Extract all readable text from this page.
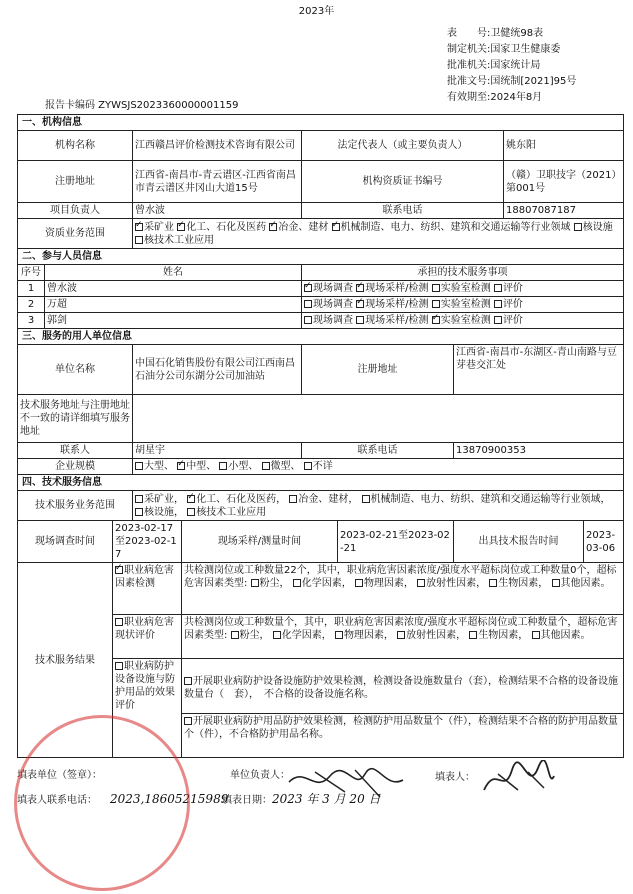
2023年
表　　号:卫健统98表
制定机关:国家卫生健康委
批准机关:国家统计局
批准文号:国统制[2021]95号
有效期至:2024年8月
报告卡编码 ZYWSJS2023360000001159
一、机构信息									
机构名称			江西赣昌评价检测技术咨询有限公司		法定代表人（或主要负责人）			姚东阳	
注册地址			江西省-南昌市-青云谱区-江西省南昌市青云谱区井冈山大道15号		机构资质证书编号			（赣）卫职技字（2021）第001号	
项目负责人			曾水波		联系电话			18807087187	
资质业务范围	✓采矿业 ✓ 化工、石化及医药 ✓ 冶金、建材 ✓ 机械制造、电力、纺织、建筑和交通运输等行业领域 核设施 核技术工业应用
二、参与人员信息									
序号	姓名				承担的技术服务事项				
1	曾水波	✓现场调查 ✓ 现场采样/检测 实验室检测 评价
2	万超				现场调查 ✓ 现场采样/检测 实验室检测 评价
3	郭剑				现场调查 现场采样/检测 ✓ 实验室检测 评价
三、服务的用人单位信息									
单位名称			中国石化销售股份有限公司江西南昌石油分公司东湖分公司加油站		注册地址		江西省-南昌市-东湖区-青山南路与豆芽巷交汇处		
技术服务地址与注册地址不一致的请详细填写服务地址									
联系人			胡星宇		联系电话		13870900353		
企业规模			大型、 ✓ 中型、 小型、 微型、 不详
四、技术服务信息									
技术服务业务范围			采矿业， ✓ 化工、石化及医药， 冶金、建材， 机械制造、电力、纺织、建筑和交通运输等行业领域， 核设施， 核技术工业应用
现场调查时间		2023-02-17至2023-02-17		现场采样/测量时间		2023-02-21至2023-02-21	出具技术报告时间		2023-03-06
技术服务结果	✓职业病危害因素检测		共检测岗位或工种数量22个，其中，职业病危害因素浓度/强度水平超标岗位或工种数量0个，超标危害因素类型: 粉尘， 化学因素， 物理因素， 放射性因素， 生物因素， 其他因素。					
		职业病危害现状评价		共检测岗位或工种数量个，其中，职业病危害因素浓度/强度水平超标岗位或工种数量个，超标危害因素类型: 粉尘， 化学因素， 物理因素， 放射性因素， 生物因素， 其他因素。					
		职业病防护设备设施与防护用品的效果评价							
				开展职业病防护设备设施防护效果检测，检测设备设施数量台（套），检测结果不合格的设备设施数量台（　套），　不合格的设备设施名称。					
				开展职业病防护用品防护效果检测，检测防护用品数量个（件），检测结果不合格的防护用品数量个（件），不合格防护用品名称。					
填表单位（签章）：	单位负责人：	填表人：
填表人联系电话： 2023,18605215989
填表日期： 2023 年 3 月 20 日
